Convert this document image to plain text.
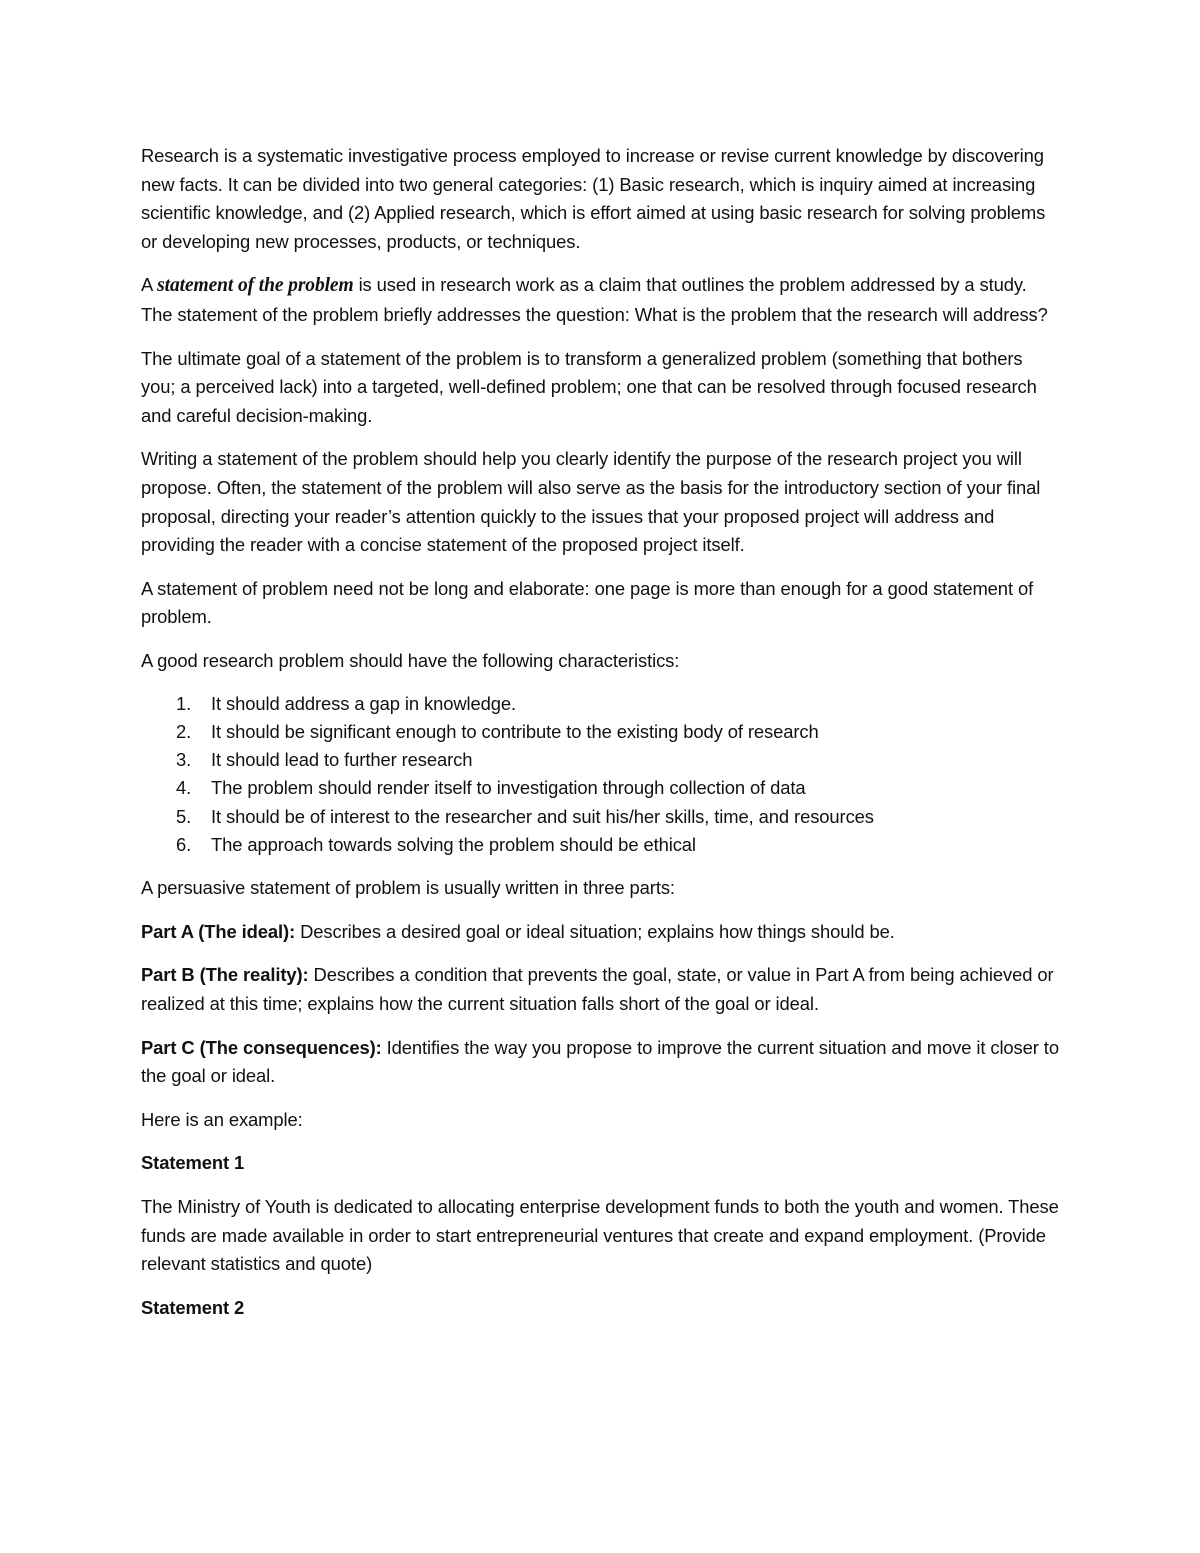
Research is a systematic investigative process employed to increase or revise current knowledge by discovering new facts. It can be divided into two general categories: (1) Basic research, which is inquiry aimed at increasing scientific knowledge, and (2) Applied research, which is effort aimed at using basic research for solving problems or developing new processes, products, or techniques.

A statement of the problem is used in research work as a claim that outlines the problem addressed by a study. The statement of the problem briefly addresses the question: What is the problem that the research will address?

The ultimate goal of a statement of the problem is to transform a generalized problem (something that bothers you; a perceived lack) into a targeted, well-defined problem; one that can be resolved through focused research and careful decision-making.

Writing a statement of the problem should help you clearly identify the purpose of the research project you will propose. Often, the statement of the problem will also serve as the basis for the introductory section of your final proposal, directing your reader’s attention quickly to the issues that your proposed project will address and providing the reader with a concise statement of the proposed project itself.

A statement of problem need not be long and elaborate: one page is more than enough for a good statement of problem.

A good research problem should have the following characteristics:

1.	It should address a gap in knowledge.
2.	It should be significant enough to contribute to the existing body of research
3.	It should lead to further research
4.	The problem should render itself to investigation through collection of data
5.	It should be of interest to the researcher and suit his/her skills, time, and resources
6.	The approach towards solving the problem should be ethical

A persuasive statement of problem is usually written in three parts:

Part A (The ideal): Describes a desired goal or ideal situation; explains how things should be.

Part B (The reality): Describes a condition that prevents the goal, state, or value in Part A from being achieved or realized at this time; explains how the current situation falls short of the goal or ideal.

Part C (The consequences): Identifies the way you propose to improve the current situation and move it closer to the goal or ideal.

Here is an example:

Statement 1

The Ministry of Youth is dedicated to allocating enterprise development funds to both the youth and women. These funds are made available in order to start entrepreneurial ventures that create and expand employment. (Provide relevant statistics and quote)

Statement 2
